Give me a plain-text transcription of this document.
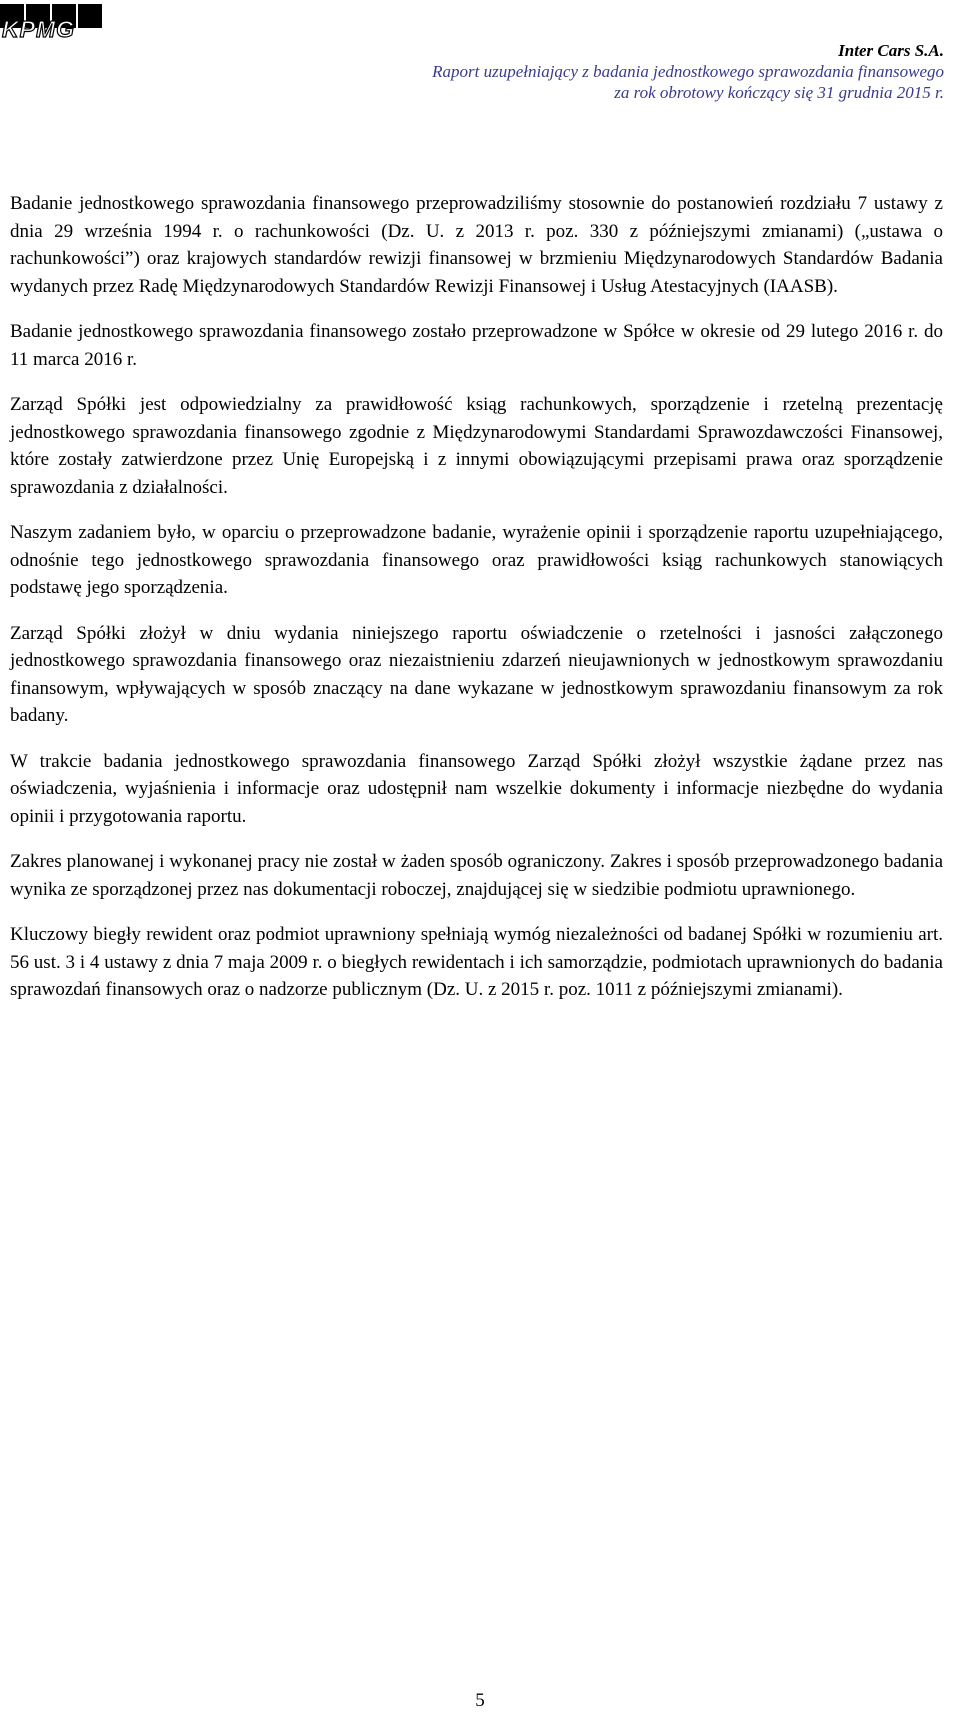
KPMG
Inter Cars S.A.
Raport uzupełniający z badania jednostkowego sprawozdania finansowego
za rok obrotowy kończący się 31 grudnia 2015 r.

Badanie jednostkowego sprawozdania finansowego przeprowadziliśmy stosownie do postanowień rozdziału 7 ustawy z dnia 29 września 1994 r. o rachunkowości (Dz. U. z 2013 r. poz. 330 z późniejszymi zmianami) („ustawa o rachunkowości”) oraz krajowych standardów rewizji finansowej w brzmieniu Międzynarodowych Standardów Badania wydanych przez Radę Międzynarodowych Standardów Rewizji Finansowej i Usług Atestacyjnych (IAASB).

Badanie jednostkowego sprawozdania finansowego zostało przeprowadzone w Spółce w okresie od 29 lutego 2016 r. do 11 marca 2016 r.

Zarząd Spółki jest odpowiedzialny za prawidłowość ksiąg rachunkowych, sporządzenie i rzetelną prezentację jednostkowego sprawozdania finansowego zgodnie z Międzynarodowymi Standardami Sprawozdawczości Finansowej, które zostały zatwierdzone przez Unię Europejską i z innymi obowiązującymi przepisami prawa oraz sporządzenie sprawozdania z działalności.

Naszym zadaniem było, w oparciu o przeprowadzone badanie, wyrażenie opinii i sporządzenie raportu uzupełniającego, odnośnie tego jednostkowego sprawozdania finansowego oraz prawidłowości ksiąg rachunkowych stanowiących podstawę jego sporządzenia.

Zarząd Spółki złożył w dniu wydania niniejszego raportu oświadczenie o rzetelności i jasności załączonego jednostkowego sprawozdania finansowego oraz niezaistnieniu zdarzeń nieujawnionych w jednostkowym sprawozdaniu finansowym, wpływających w sposób znaczący na dane wykazane w jednostkowym sprawozdaniu finansowym za rok badany.

W trakcie badania jednostkowego sprawozdania finansowego Zarząd Spółki złożył wszystkie żądane przez nas oświadczenia, wyjaśnienia i informacje oraz udostępnił nam wszelkie dokumenty i informacje niezbędne do wydania opinii i przygotowania raportu.

Zakres planowanej i wykonanej pracy nie został w żaden sposób ograniczony. Zakres i sposób przeprowadzonego badania wynika ze sporządzonej przez nas dokumentacji roboczej, znajdującej się w siedzibie podmiotu uprawnionego.

Kluczowy biegły rewident oraz podmiot uprawniony spełniają wymóg niezależności od badanej Spółki w rozumieniu art. 56 ust. 3 i 4 ustawy z dnia 7 maja 2009 r. o biegłych rewidentach i ich samorządzie, podmiotach uprawnionych do badania sprawozdań finansowych oraz o nadzorze publicznym (Dz. U. z 2015 r. poz. 1011 z późniejszymi zmianami).

5
